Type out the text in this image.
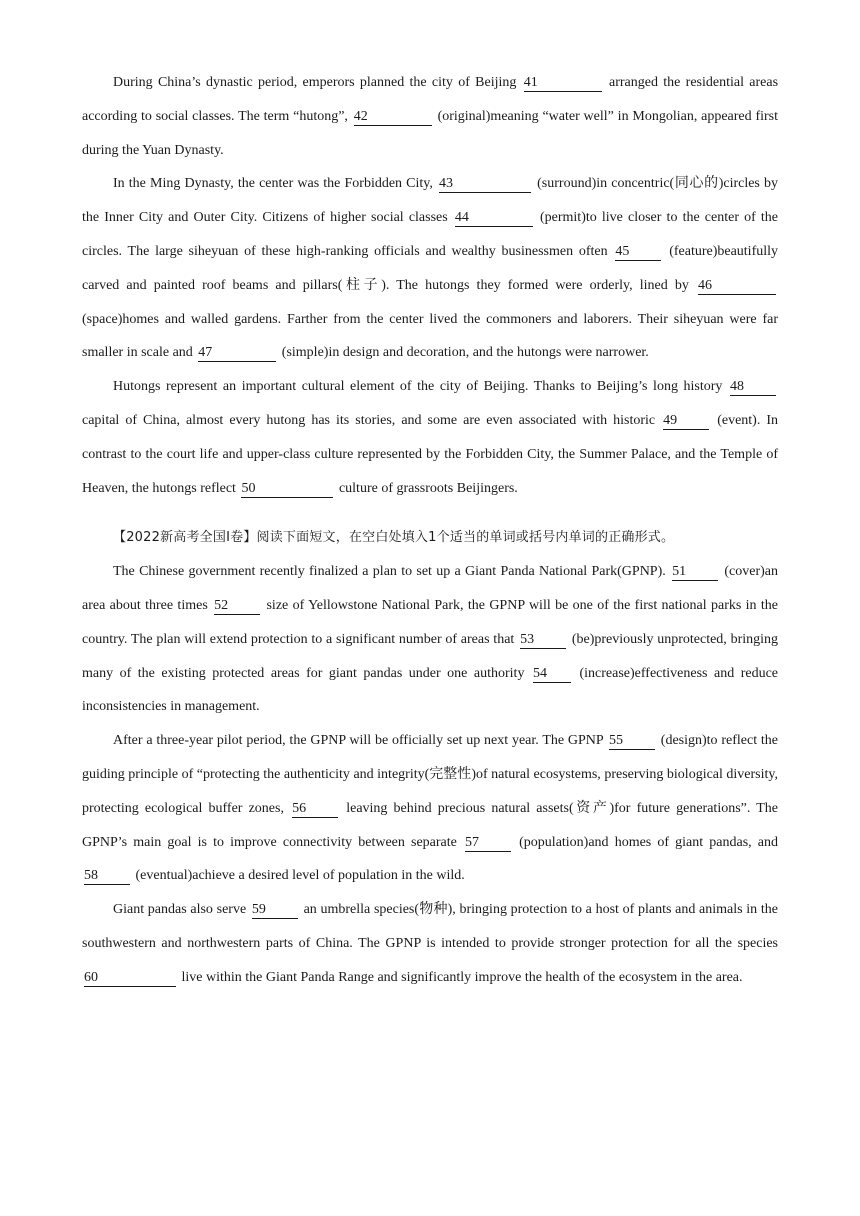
During China’s dynastic period, emperors planned the city of Beijing 41	arranged the residential areas according to social classes. The term “hutong”, 42	(original)meaning “water well” in Mongolian, appeared first during the Yuan Dynasty.

In the Ming Dynasty, the center was the Forbidden City, 43	(surround)in concentric(同心的)circles by the Inner City and Outer City. Citizens of higher social classes 44	(permit)to live closer to the center of the circles. The large siheyuan of these high-ranking officials and wealthy businessmen often 45	(feature)beautifully carved and painted roof beams and pillars(柱子). The hutongs they formed were orderly, lined by 46 (space)homes and walled gardens. Farther from the center lived the commoners and laborers. Their siheyuan were far smaller in scale and 47	(simple)in design and decoration, and the hutongs were narrower.

Hutongs represent an important cultural element of the city of Beijing. Thanks to Beijing’s long history 48 capital of China, almost every hutong has its stories, and some are even associated with historic 49	(event). In contrast to the court life and upper-class culture represented by the Forbidden City, the Summer Palace, and the Temple of Heaven, the hutongs reflect 50	culture of grassroots Beijingers.

【2022新高考全国I卷】阅读下面短文，在空白处填入1个适当的单词或括号内单词的正确形式。

The Chinese government recently finalized a plan to set up a Giant Panda National Park(GPNP). 51	(cover)an area about three times 52	size of Yellowstone National Park, the GPNP will be one of the first national parks in the country. The plan will extend protection to a significant number of areas that 53	(be)previously unprotected, bringing many of the existing protected areas for giant pandas under one authority 54 (increase)effectiveness and reduce inconsistencies in management.

After a three-year pilot period, the GPNP will be officially set up next year. The GPNP 55	(design)to reflect the guiding principle of “protecting the authenticity and integrity(完整性)of natural ecosystems, preserving biological diversity, protecting ecological buffer zones, 56	leaving behind precious natural assets(资产)for future generations”. The GPNP’s main goal is to improve connectivity between separate 57	(population)and homes of giant pandas, and 58	(eventual)achieve a desired level of population in the wild.

Giant pandas also serve 59	an umbrella species(物种), bringing protection to a host of plants and animals in the southwestern and northwestern parts of China. The GPNP is intended to provide stronger protection for all the species 60	live within the Giant Panda Range and significantly improve the health of the ecosystem in the area.
